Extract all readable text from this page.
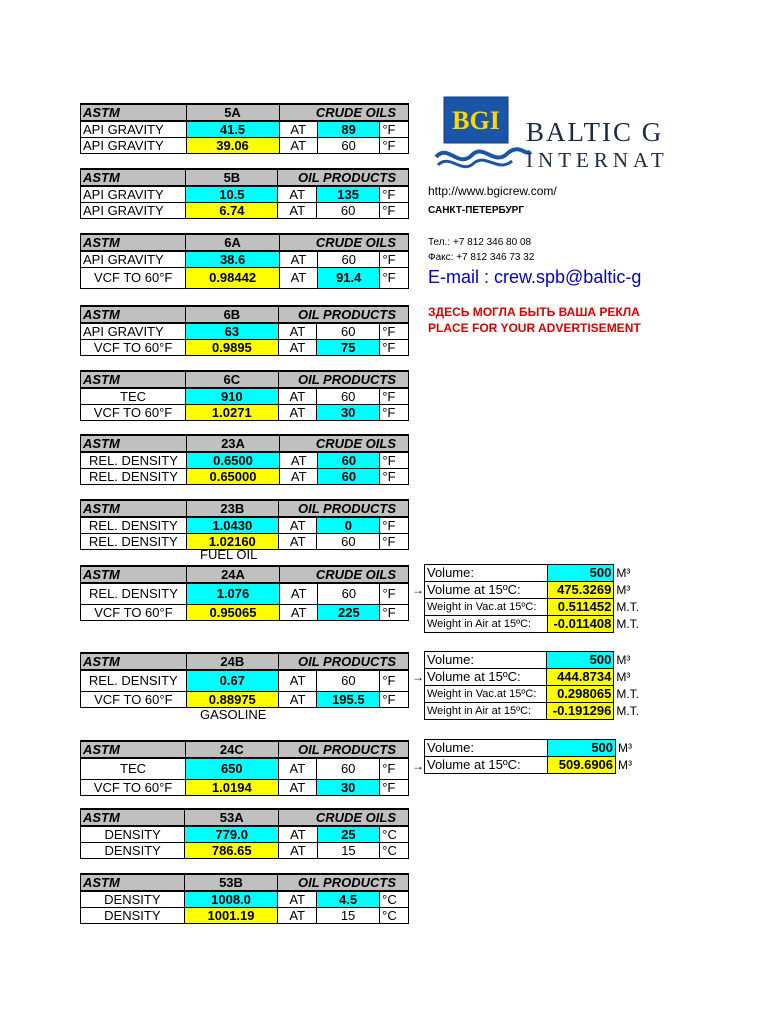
BGI BALTIC G
INTERNAT
http://www.bgicrew.com/
САНКТ-ПЕТЕРБУРГ
Тел.: +7 812 346 80 08
Факс: +7 812 346 73 32
E-mail : crew.spb@baltic-g
ЗДЕСЬ МОГЛА БЫТЬ ВАША РЕКЛА
PLACE FOR YOUR ADVERTISEMENT
ASTM	5A	CRUDE OILS		
API GRAVITY	41.5	AT	89	°F
API GRAVITY	39.06	AT	60	°F
ASTM	5B	OIL PRODUCTS		
API GRAVITY	10.5	AT	135	°F
API GRAVITY	6.74	AT	60	°F
ASTM	6A	CRUDE OILS		
API GRAVITY	38.6	AT	60	°F
VCF TO 60°F	0.98442	AT	91.4	°F
ASTM	6B	OIL PRODUCTS		
API GRAVITY	63	AT	60	°F
VCF TO 60°F	0.9895	AT	75	°F
ASTM	6C	OIL PRODUCTS		
TEC	910	AT	60	°F
VCF TO 60°F	1.0271	AT	30	°F
ASTM	23A	CRUDE OILS		
REL. DENSITY	0.6500	AT	60	°F
REL. DENSITY	0.65000	AT	60	°F
ASTM	23B	OIL PRODUCTS		
REL. DENSITY	1.0430	AT	0	°F
REL. DENSITY	1.02160	AT	60	°F
FUEL OIL
ASTM	24A	CRUDE OILS		
REL. DENSITY	1.076	AT	60	°F
VCF TO 60°F	0.95065	AT	225	°F
→
Volume:	500	M³
Volume at 15ºC:	475.3269	M³
Weight in Vac.at 15ºC:	0.511452	M.T.
Weight in Air at 15ºC:	-0.011408	M.T.
ASTM	24B	OIL PRODUCTS		
REL. DENSITY	0.67	AT	60	°F
VCF TO 60°F	0.88975	AT	195.5	°F
→
Volume:	500	M³
Volume at 15ºC:	444.8734	M³
Weight in Vac.at 15ºC:	0.298065	M.T.
Weight in Air at 15ºC:	-0.191296	M.T.
GASOLINE
ASTM	24C	OIL PRODUCTS		
TEC	650	AT	60	°F
VCF TO 60°F	1.0194	AT	30	°F
→
Volume:	500	M³
Volume at 15ºC:	509.6906	M³
ASTM	53A	CRUDE OILS		
DENSITY	779.0	AT	25	°C
DENSITY	786.65	AT	15	°C
ASTM	53B	OIL PRODUCTS		
DENSITY	1008.0	AT	4.5	°C
DENSITY	1001.19	AT	15	°C
